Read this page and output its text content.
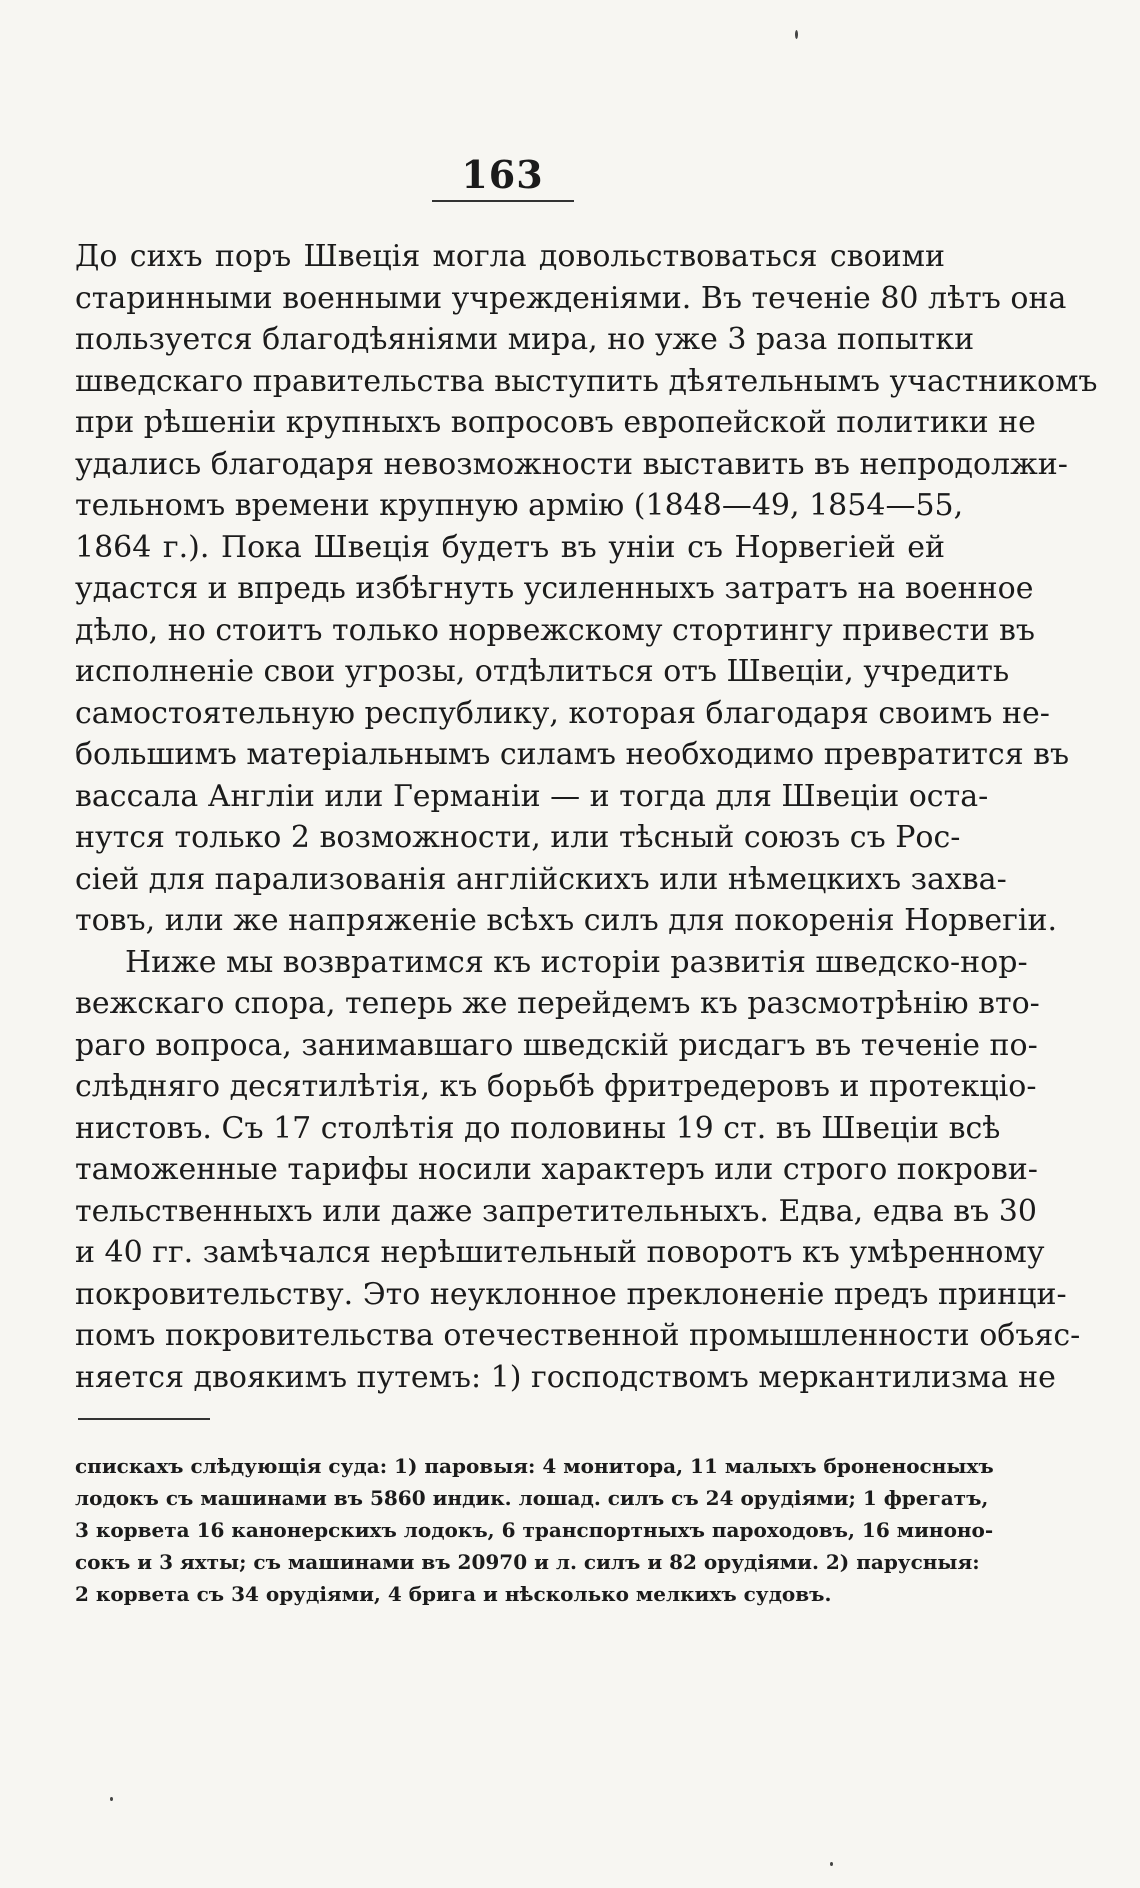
163
До сихъ поръ Швецiя могла довольствоваться своими
старинными военными учрежденiями. Въ теченiе 80 лѣтъ она
пользуется благодѣянiями мира, но уже 3 раза попытки
шведскаго правительства выступить дѣятельнымъ участникомъ
при рѣшенiи крупныхъ вопросовъ европейской политики не
удались благодаря невозможности выставить въ непродолжи-
тельномъ времени крупную армiю (1848—49, 1854—55,
1864 г.). Пока Швецiя будетъ въ унiи съ Норвегiей ей
удастся и впредь избѣгнуть усиленныхъ затратъ на военное
дѣло, но стоитъ только норвежскому стортингу привести въ
исполненiе свои угрозы, отдѣлиться отъ Швецiи, учредить
самостоятельную республику, которая благодаря своимъ не-
большимъ матерiальнымъ силамъ необходимо превратится въ
вассала Англiи или Германiи — и тогда для Швецiи оста-
нутся только 2 возможности, или тѣсный союзъ съ Рос-
сiей для парализованiя англiйскихъ или нѣмецкихъ захва-
товъ, или же напряженiе всѣхъ силъ для покоренiя Норвегiи.
Ниже мы возвратимся къ исторiи развитiя шведско-нор-
вежскаго спора, теперь же перейдемъ къ разсмотрѣнiю вто-
раго вопроса, занимавшаго шведскiй рисдагъ въ теченiе по-
слѣдняго десятилѣтiя, къ борьбѣ фритредеровъ и протекцiо-
нистовъ. Съ 17 столѣтiя до половины 19 ст. въ Швецiи всѣ
таможенные тарифы носили характеръ или строго покрови-
тельственныхъ или даже запретительныхъ. Едва, едва въ 30
и 40 гг. замѣчался нерѣшительный поворотъ къ умѣренному
покровительству. Это неуклонное преклоненiе предъ принци-
помъ покровительства отечественной промышленности объяс-
няется двоякимъ путемъ: 1) господствомъ меркантилизма не
спискахъ слѣдующiя суда: 1) паровыя: 4 монитора, 11 малыхъ броненосныхъ
лодокъ съ машинами въ 5860 индик. лошад. силъ съ 24 орудiями; 1 фрегатъ,
3 корвета 16 канонерскихъ лодокъ, 6 транспортныхъ пароходовъ, 16 миноно-
сокъ и 3 яхты; съ машинами въ 20970 и л. силъ и 82 орудiями. 2) парусныя:
2 корвета съ 34 орудiями, 4 брига и нѣсколько мелкихъ судовъ.
